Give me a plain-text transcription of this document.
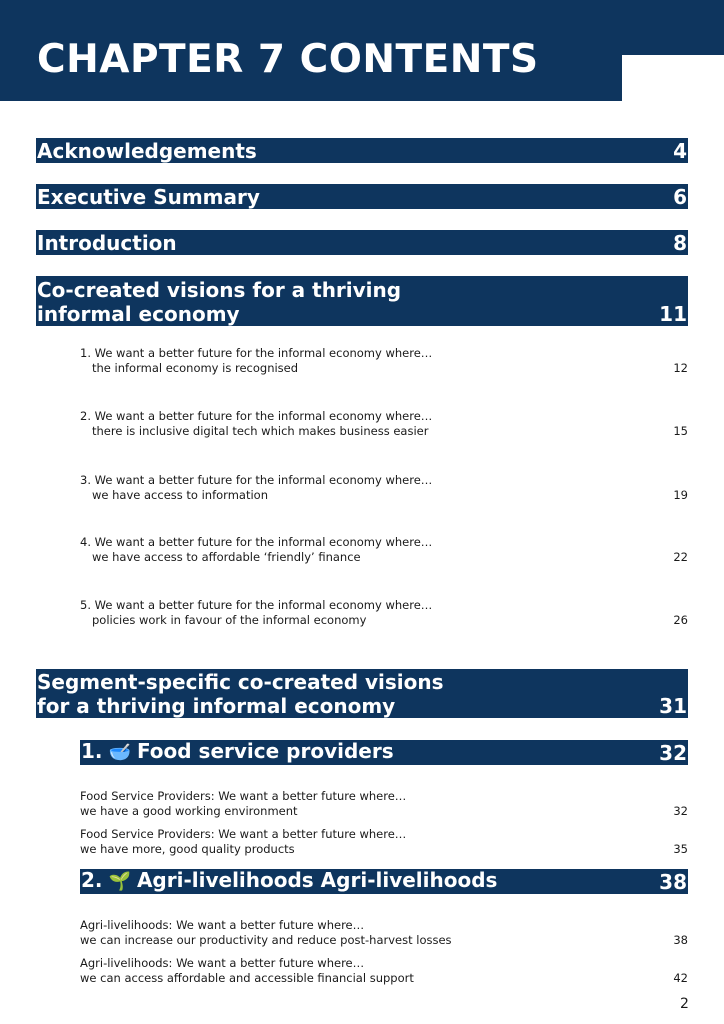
CHAPTER 7 CONTENTS
Acknowledgements	4
Executive Summary	6
Introduction	8
Co-created visions for a thriving
informal economy	11
1. We want a better future for the informal economy where…
the informal economy is recognised	12
2. We want a better future for the informal economy where…
there is inclusive digital tech which makes business easier	15
3. We want a better future for the informal economy where…
we have access to information	19
4. We want a better future for the informal economy where…
we have access to affordable ‘friendly’ finance	22
5. We want a better future for the informal economy where…
policies work in favour of the informal economy	26
Segment-specific co-created visions
for a thriving informal economy	31
1. 🥣 Food service providers	32
Food Service Providers: We want a better future where…
we have a good working environment	32
Food Service Providers: We want a better future where…
we have more, good quality products	35
2. 🌱 Agri-livelihoods Agri-livelihoods	38
Agri-livelihoods: We want a better future where…
we can increase our productivity and reduce post-harvest losses	38
Agri-livelihoods: We want a better future where…
we can access affordable and accessible financial support	42
2
